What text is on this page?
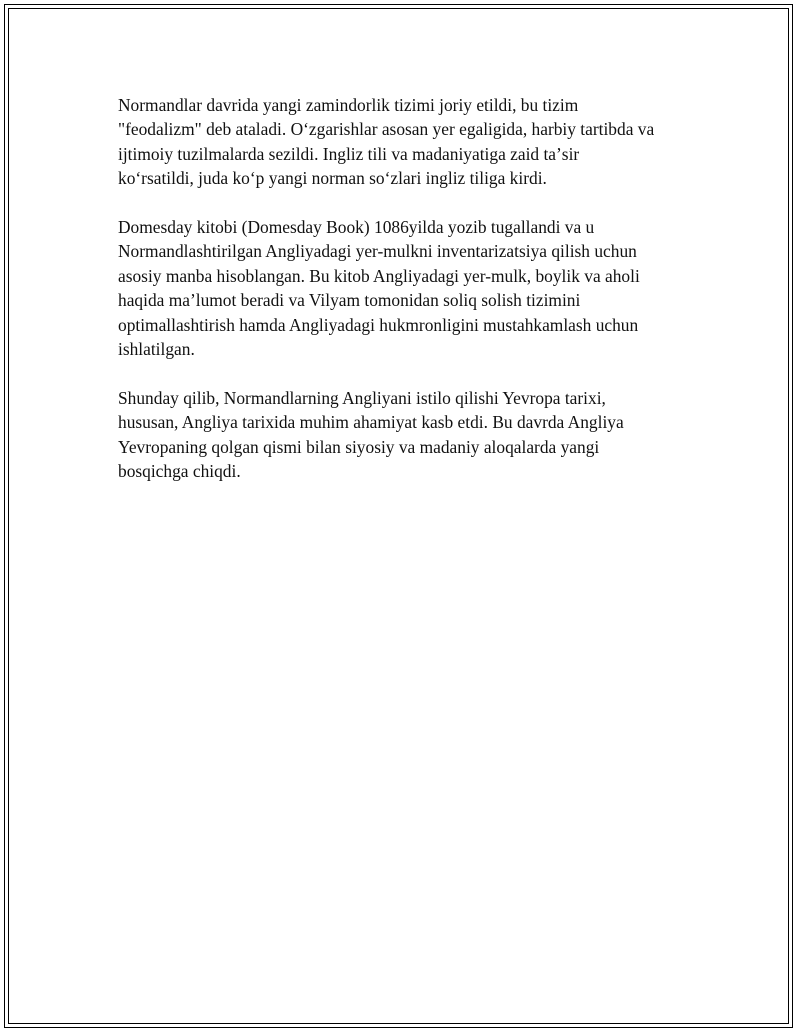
Normandlar davrida yangi zamindorlik tizimi joriy etildi, bu tizim
"feodalizm" deb ataladi. Oʻzgarishlar asosan yer egaligida, harbiy tartibda va
ijtimoiy tuzilmalarda sezildi. Ingliz tili va madaniyatiga zaid taʼsir
koʻrsatildi, juda koʻp yangi norman soʻzlari ingliz tiliga kirdi.

Domesday kitobi (Domesday Book) 1086yilda yozib tugallandi va u
Normandlashtirilgan Angliyadagi yer-mulkni inventarizatsiya qilish uchun
asosiy manba hisoblangan. Bu kitob Angliyadagi yer-mulk, boylik va aholi
haqida maʼlumot beradi va Vilyam tomonidan soliq solish tizimini
optimallashtirish hamda Angliyadagi hukmronligini mustahkamlash uchun
ishlatilgan.

Shunday qilib, Normandlarning Angliyani istilo qilishi Yevropa tarixi,
hususan, Angliya tarixida muhim ahamiyat kasb etdi. Bu davrda Angliya
Yevropaning qolgan qismi bilan siyosiy va madaniy aloqalarda yangi
bosqichga chiqdi.
